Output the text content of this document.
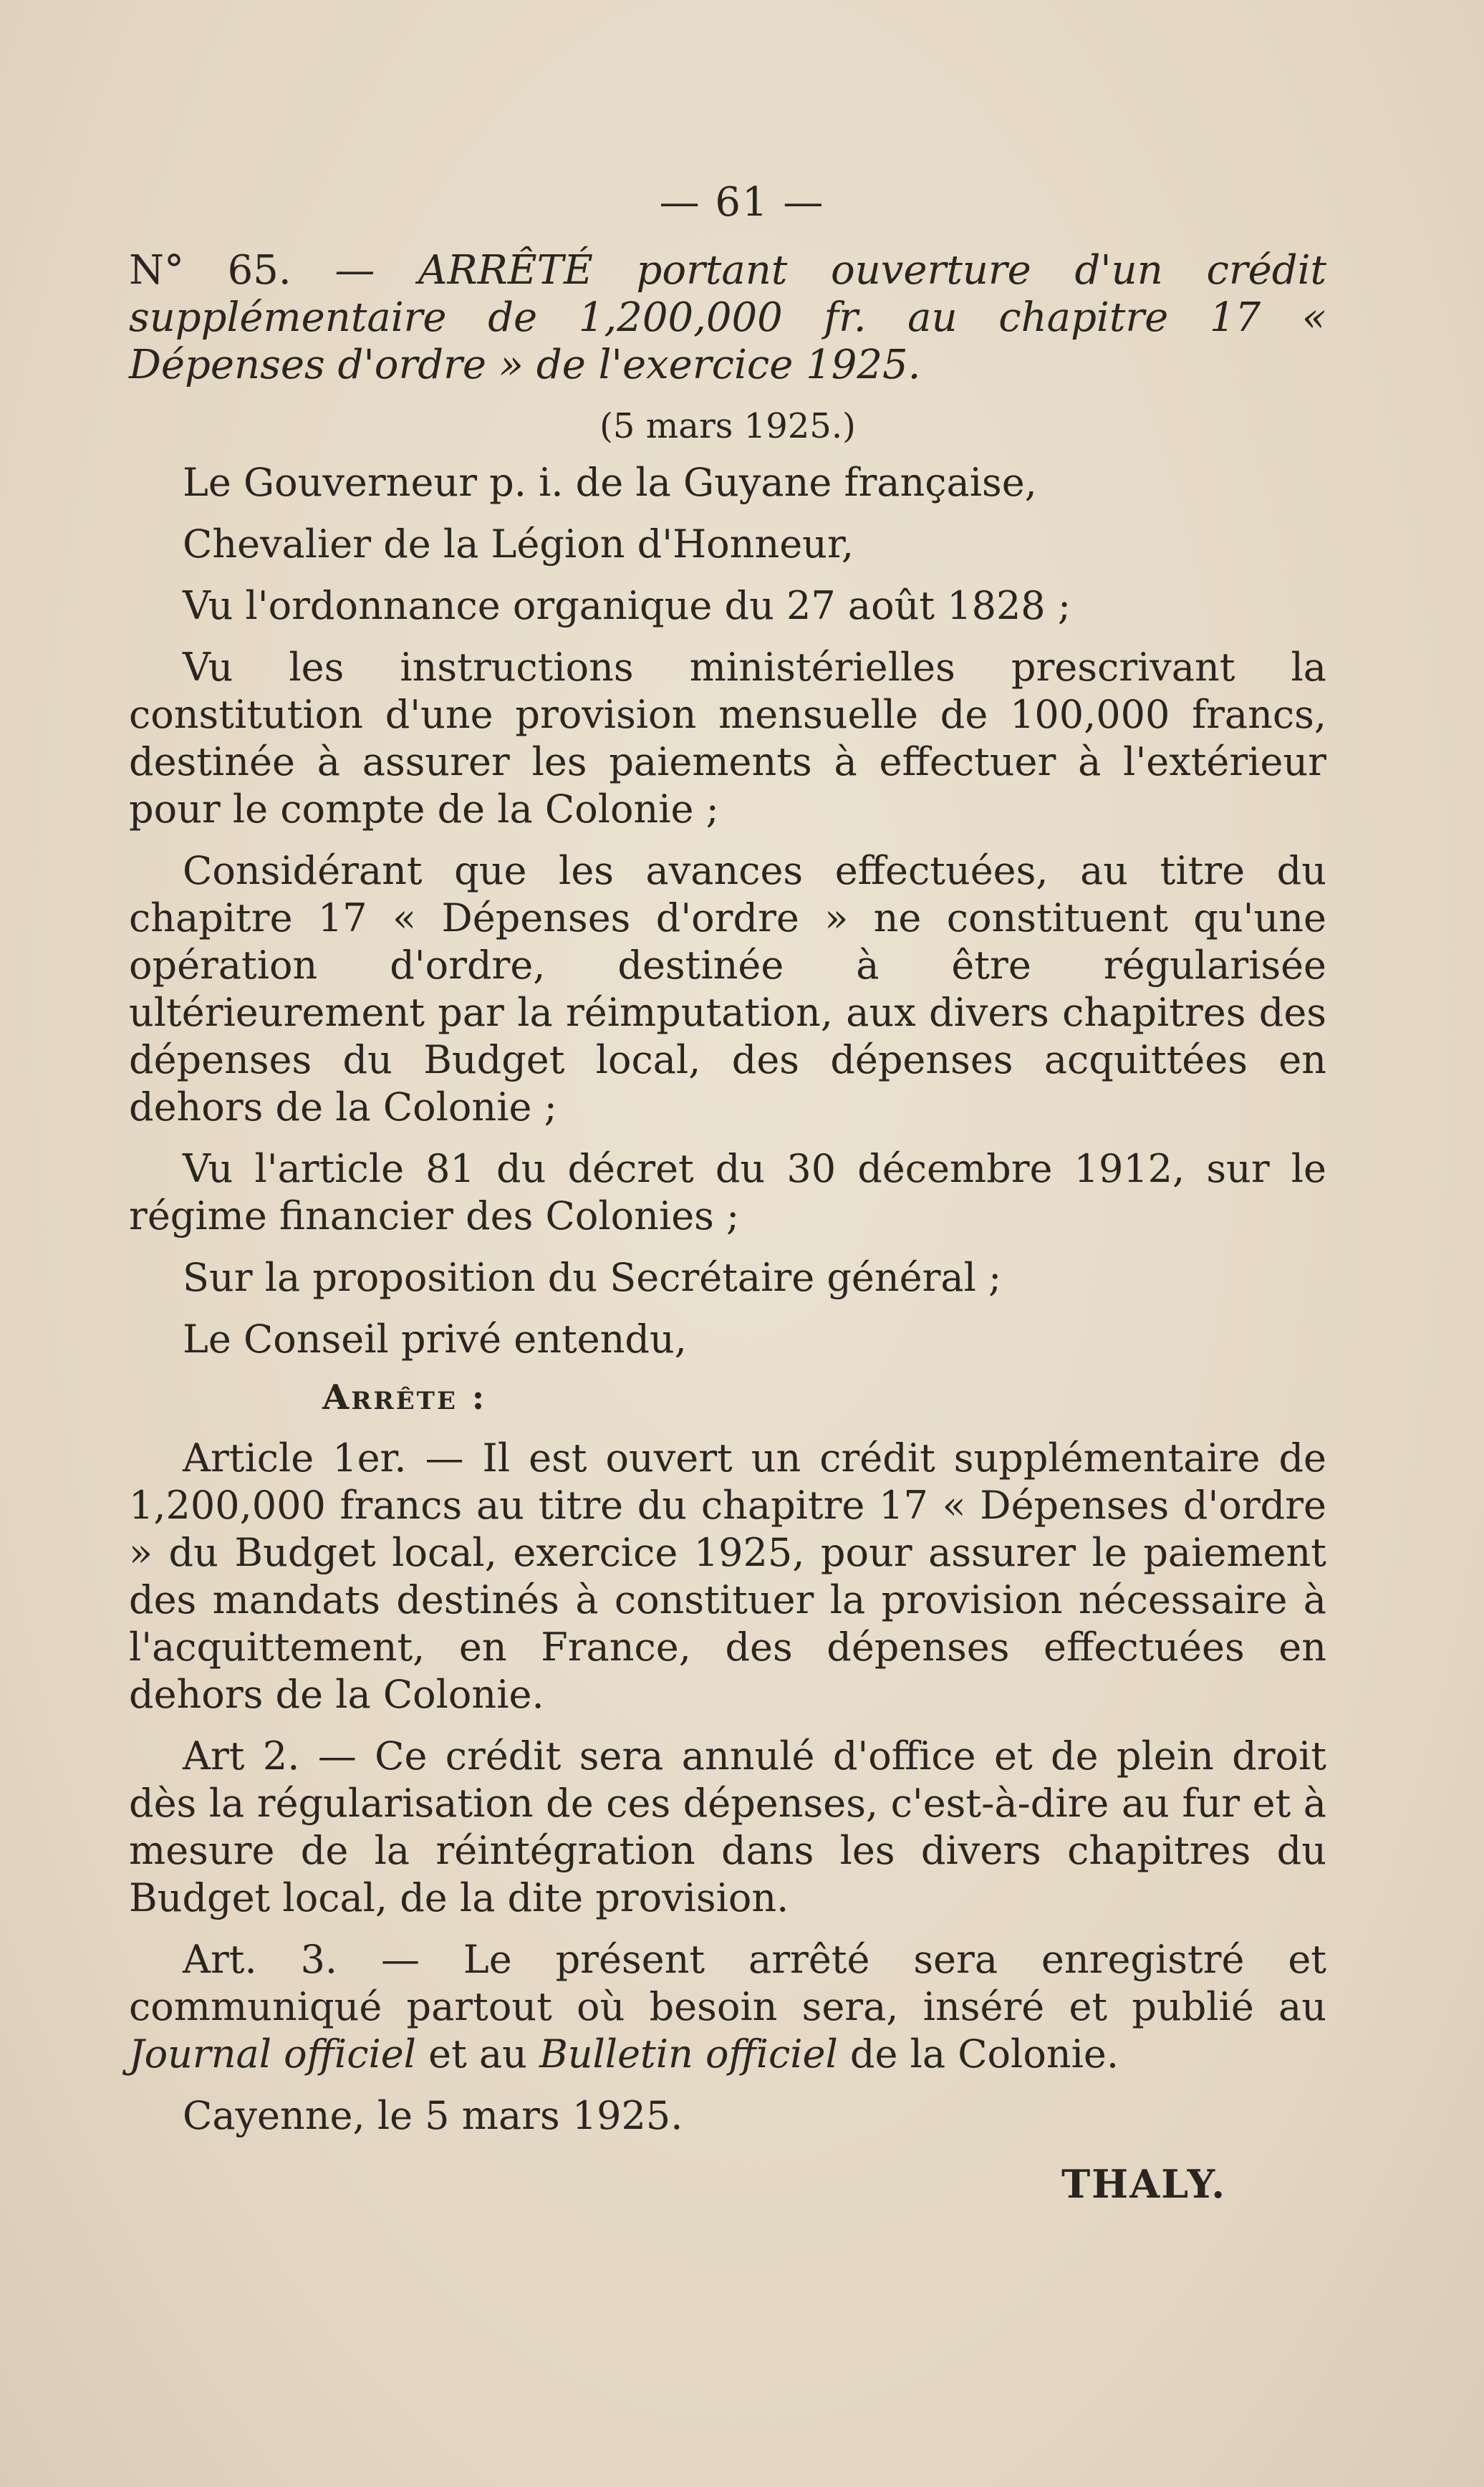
— 61 —
N° 65. — ARRÊTÉ portant ouverture d'un crédit supplémentaire de 1,200,000 fr. au chapitre 17 « Dépenses d'ordre » de l'exercice 1925.
(5 mars 1925.)

Le Gouverneur p. i. de la Guyane française,

Chevalier de la Légion d'Honneur,

Vu l'ordonnance organique du 27 août 1828 ;

Vu les instructions ministérielles prescrivant la constitution d'une provision mensuelle de 100,000 francs, destinée à assurer les paiements à effectuer à l'extérieur pour le compte de la Colonie ;

Considérant que les avances effectuées, au titre du chapitre 17 « Dépenses d'ordre » ne constituent qu'une opération d'ordre, destinée à être régularisée ultérieurement par la réimputation, aux divers chapitres des dépenses du Budget local, des dépenses acquittées en dehors de la Colonie ;

Vu l'article 81 du décret du 30 décembre 1912, sur le régime financier des Colonies ;

Sur la proposition du Secrétaire général ;

Le Conseil privé entendu,

Arrête :

Article 1er. — Il est ouvert un crédit supplémentaire de 1,200,000 francs au titre du chapitre 17 « Dépenses d'ordre » du Budget local, exercice 1925, pour assurer le paiement des mandats destinés à constituer la provision nécessaire à l'acquittement, en France, des dépenses effectuées en dehors de la Colonie.

Art 2. — Ce crédit sera annulé d'office et de plein droit dès la régularisation de ces dépenses, c'est-à-dire au fur et à mesure de la réintégration dans les divers chapitres du Budget local, de la dite provision.

Art. 3. — Le présent arrêté sera enregistré et communiqué partout où besoin sera, inséré et publié au Journal officiel et au Bulletin officiel de la Colonie.

Cayenne, le 5 mars 1925.

THALY.
